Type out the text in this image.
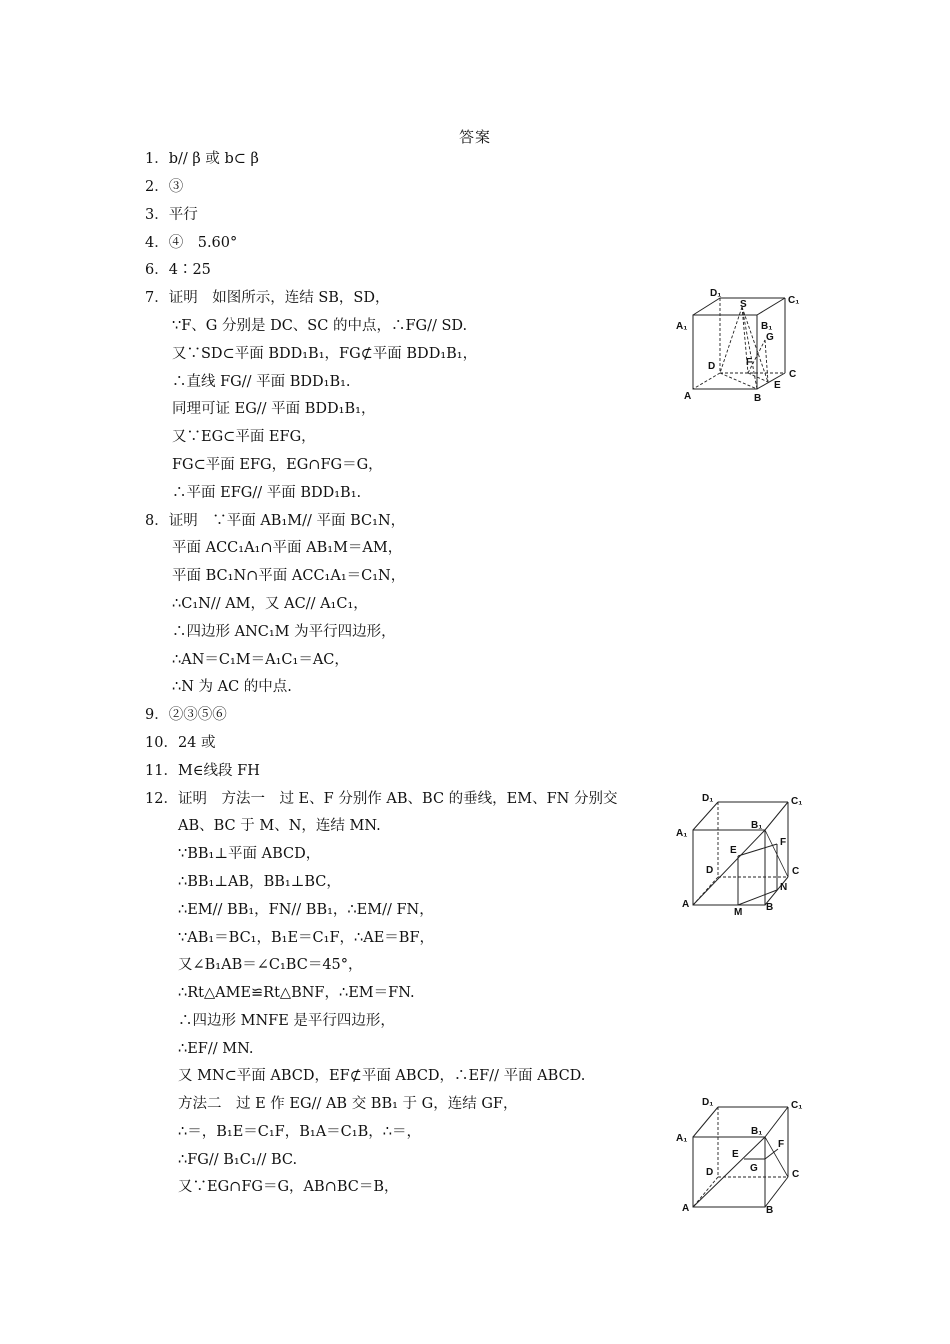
答案
1．b// β 或 b⊂ β
2．③
3．平行
4．④　5.60°
6．4∶25
7．证明　如图所示，连结 SB，SD，
∵F、G 分别是 DC、SC 的中点，∴FG// SD.
又∵SD⊂平面 BDD₁B₁，FG⊄平面 BDD₁B₁，
∴直线 FG// 平面 BDD₁B₁.
同理可证 EG// 平面 BDD₁B₁，
又∵EG⊂平面 EFG，
FG⊂平面 EFG，EG∩FG＝G，
∴平面 EFG// 平面 BDD₁B₁.
8．证明　∵平面 AB₁M// 平面 BC₁N，
平面 ACC₁A₁∩平面 AB₁M＝AM，
平面 BC₁N∩平面 ACC₁A₁＝C₁N，
∴C₁N// AM，又 AC// A₁C₁，
∴四边形 ANC₁M 为平行四边形，
∴AN＝C₁M＝A₁C₁＝AC，
∴N 为 AC 的中点.
9．②③⑤⑥
10．24 或
11．M∈线段 FH
12．证明　方法一　过 E、F 分别作 AB、BC 的垂线，EM、FN 分别交
AB、BC 于 M、N，连结 MN.
∵BB₁⊥平面 ABCD，
∴BB₁⊥AB，BB₁⊥BC，
∴EM// BB₁，FN// BB₁，∴EM// FN，
∵AB₁＝BC₁，B₁E＝C₁F，∴AE＝BF，
又∠B₁AB＝∠C₁BC＝45°，
∴Rt△AME≌Rt△BNF，∴EM＝FN.
∴四边形 MNFE 是平行四边形，
∴EF// MN.
又 MN⊂平面 ABCD，EF⊄平面 ABCD，∴EF// 平面 ABCD.
方法二　过 E 作 EG// AB 交 BB₁ 于 G，连结 GF，
∴＝，B₁E＝C₁F，B₁A＝C₁B，∴＝，
∴FG// B₁C₁// BC.
又∵EG∩FG＝G，AB∩BC＝B，
D₁
C₁
A₁	B₁
S
G
F
D
E
A	B
C
D₁	C₁
A₁
B₁
F
E
D	C
N
A
M B
D₁	C₁
A₁
B₁
F
E
G
D	C
A	B
